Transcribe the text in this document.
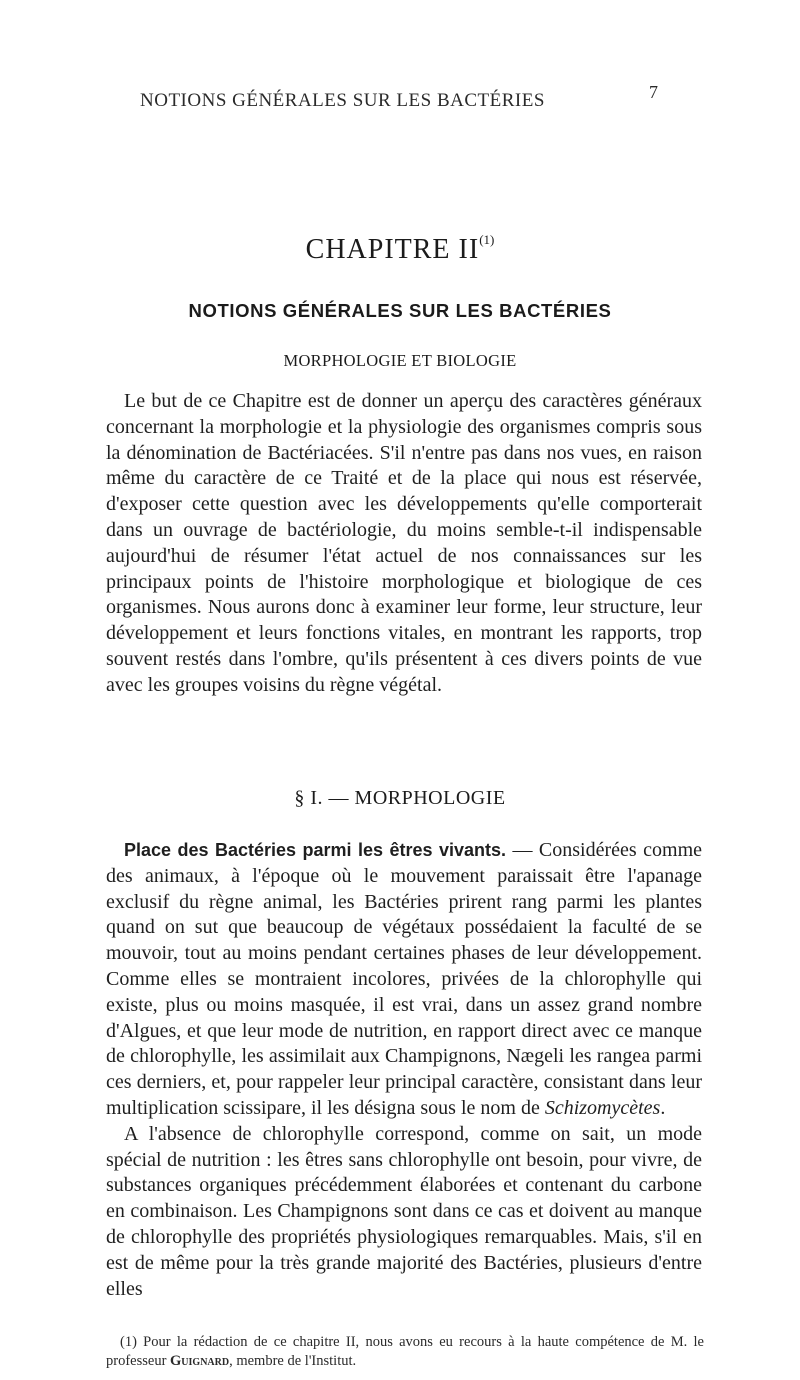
NOTIONS GÉNÉRALES SUR LES BACTÉRIES	7
CHAPITRE II$^{(1)}$
NOTIONS GÉNÉRALES SUR LES BACTÉRIES
MORPHOLOGIE ET BIOLOGIE

Le but de ce Chapitre est de donner un aperçu des caractères généraux concernant la morphologie et la physiologie des organismes compris sous la dénomination de Bactériacées. S'il n'entre pas dans nos vues, en raison même du caractère de ce Traité et de la place qui nous est réservée, d'exposer cette question avec les développements qu'elle comporterait dans un ouvrage de bactériologie, du moins semble-t-il indispensable aujourd'hui de résumer l'état actuel de nos connaissances sur les principaux points de l'histoire morphologique et biologique de ces organismes. Nous aurons donc à examiner leur forme, leur structure, leur développement et leurs fonctions vitales, en montrant les rapports, trop souvent restés dans l'ombre, qu'ils présentent à ces divers points de vue avec les groupes voisins du règne végétal.

§ I. — MORPHOLOGIE

Place des Bactéries parmi les êtres vivants. — Considérées comme des animaux, à l'époque où le mouvement paraissait être l'apanage exclusif du règne animal, les Bactéries prirent rang parmi les plantes quand on sut que beaucoup de végétaux possédaient la faculté de se mouvoir, tout au moins pendant certaines phases de leur développement. Comme elles se montraient incolores, privées de la chlorophylle qui existe, plus ou moins masquée, il est vrai, dans un assez grand nombre d'Algues, et que leur mode de nutrition, en rapport direct avec ce manque de chlorophylle, les assimilait aux Champignons, Nægeli les rangea parmi ces derniers, et, pour rappeler leur principal caractère, consistant dans leur multiplication scissipare, il les désigna sous le nom de Schizomycètes.

A l'absence de chlorophylle correspond, comme on sait, un mode spécial de nutrition : les êtres sans chlorophylle ont besoin, pour vivre, de substances organiques précédemment élaborées et contenant du carbone en combinaison. Les Champignons sont dans ce cas et doivent au manque de chlorophylle des propriétés physiologiques remarquables. Mais, s'il en est de même pour la très grande majorité des Bactéries, plusieurs d'entre elles

(1) Pour la rédaction de ce chapitre II, nous avons eu recours à la haute compétence de M. le professeur Guignard, membre de l'Institut.
